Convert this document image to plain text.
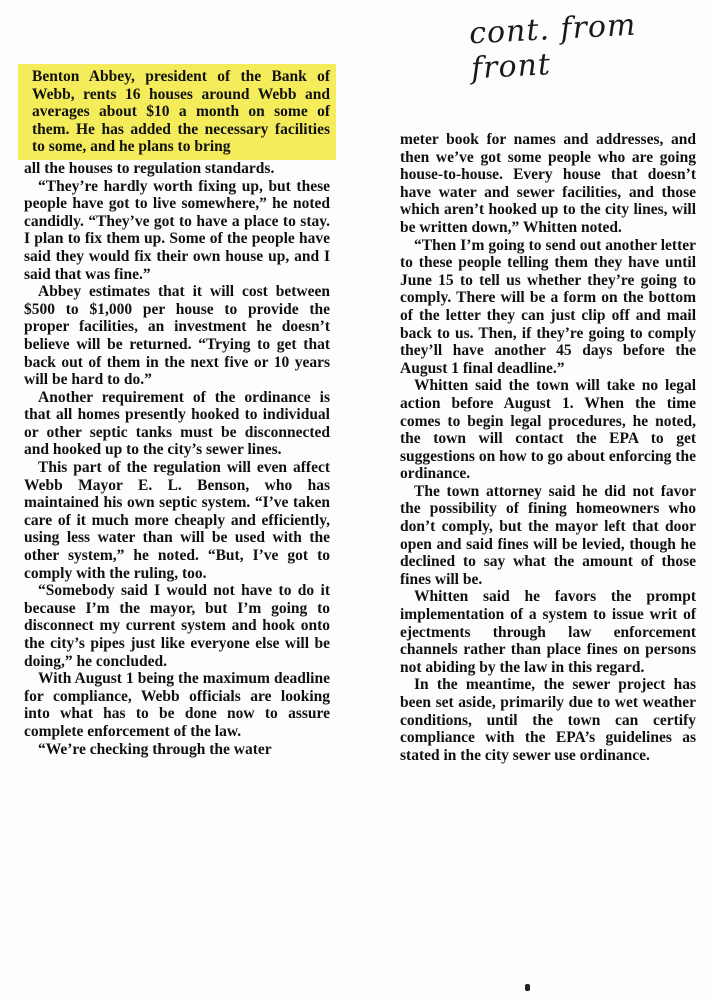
cont. from front

Benton Abbey, president of the Bank of Webb, rents 16 houses around Webb and averages about $10 a month on some of them. He has added the necessary facilities to some, and he plans to bring

all the houses to regulation standards.

“They’re hardly worth fixing up, but these people have got to live somewhere,” he noted candidly. “They’ve got to have a place to stay. I plan to fix them up. Some of the people have said they would fix their own house up, and I said that was fine.”

Abbey estimates that it will cost between $500 to $1,000 per house to provide the proper facilities, an investment he doesn’t believe will be returned. “Trying to get that back out of them in the next five or 10 years will be hard to do.”

Another requirement of the ordinance is that all homes presently hooked to individual or other septic tanks must be disconnected and hooked up to the city’s sewer lines.

This part of the regulation will even affect Webb Mayor E. L. Benson, who has maintained his own septic system. “I’ve taken care of it much more cheaply and efficiently, using less water than will be used with the other system,” he noted. “But, I’ve got to comply with the ruling, too.

“Somebody said I would not have to do it because I’m the mayor, but I’m going to disconnect my current system and hook onto the city’s pipes just like everyone else will be doing,” he concluded.

With August 1 being the maximum deadline for compliance, Webb officials are looking into what has to be done now to assure complete enforcement of the law.

“We’re checking through the water

meter book for names and addresses, and then we’ve got some people who are going house-to-house. Every house that doesn’t have water and sewer facilities, and those which aren’t hooked up to the city lines, will be written down,” Whitten noted.

“Then I’m going to send out another letter to these people telling them they have until June 15 to tell us whether they’re going to comply. There will be a form on the bottom of the letter they can just clip off and mail back to us. Then, if they’re going to comply they’ll have another 45 days before the August 1 final deadline.”

Whitten said the town will take no legal action before August 1. When the time comes to begin legal procedures, he noted, the town will contact the EPA to get suggestions on how to go about enforcing the ordinance.

The town attorney said he did not favor the possibility of fining homeowners who don’t comply, but the mayor left that door open and said fines will be levied, though he declined to say what the amount of those fines will be.

Whitten said he favors the prompt implementation of a system to issue writ of ejectments through law enforcement channels rather than place fines on persons not abiding by the law in this regard.

In the meantime, the sewer project has been set aside, primarily due to wet weather conditions, until the town can certify compliance with the EPA’s guidelines as stated in the city sewer use ordinance.
